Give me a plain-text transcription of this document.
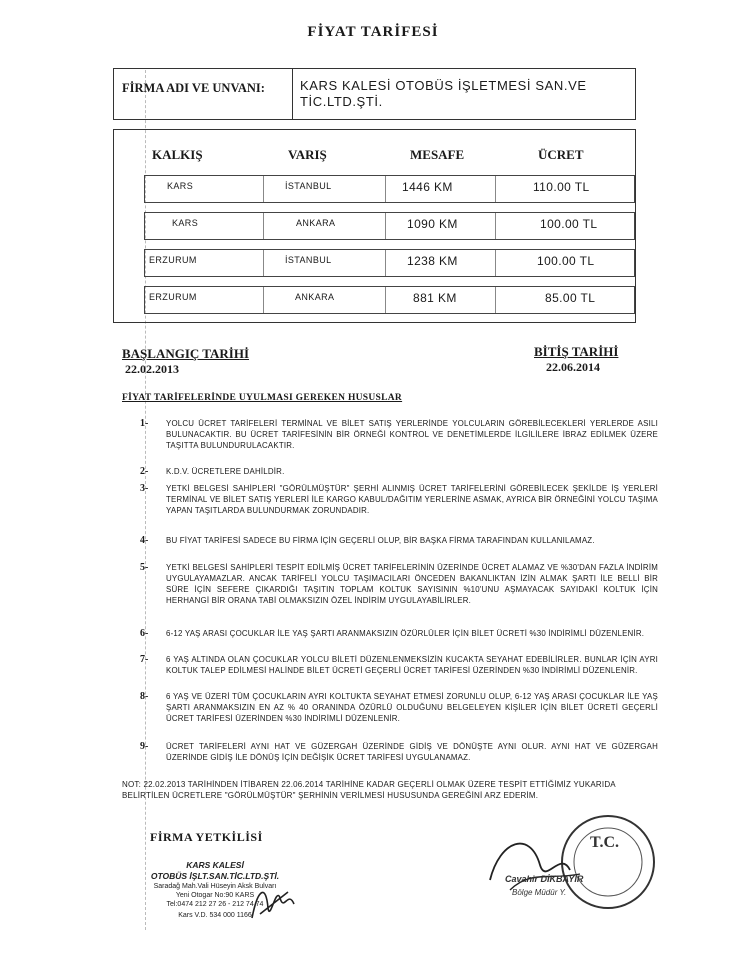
FİYAT TARİFESİ
FİRMA ADI VE UNVANI:	KARS KALESİ OTOBÜS İŞLETMESİ SAN.VE TİC.LTD.ŞTİ.
KALKIŞ	VARIŞ	MESAFE	ÜCRET
KARS	İSTANBUL	1446 KM	110.00 TL
KARS	ANKARA	1090 KM	100.00 TL
ERZURUM	İSTANBUL	1238 KM	100.00 TL
ERZURUM	ANKARA	881 KM	85.00 TL
BAŞLANGIÇ TARİHİ
22.02.2013
BİTİŞ TARİHİ
22.06.2014
FİYAT TARİFELERİNDE UYULMASI GEREKEN HUSUSLAR
1- YOLCU ÜCRET TARİFELERİ TERMİNAL VE BİLET SATIŞ YERLERİNDE YOLCULARIN GÖREBİLECEKLERİ YERLERDE ASILI BULUNACAKTIR. BU ÜCRET TARİFESİNİN BİR ÖRNEĞİ KONTROL VE DENETİMLERDE İLGİLİLERE İBRAZ EDİLMEK ÜZERE TAŞITTA BULUNDURULACAKTIR.
2- K.D.V. ÜCRETLERE DAHİLDİR.
3- YETKİ BELGESİ SAHİPLERİ "GÖRÜLMÜŞTÜR" ŞERHİ ALINMIŞ ÜCRET TARİFELERİNİ GÖREBİLECEK ŞEKİLDE İŞ YERLERİ TERMİNAL VE BİLET SATIŞ YERLERİ İLE KARGO KABUL/DAĞITIM YERLERİNE ASMAK, AYRICA BİR ÖRNEĞİNİ YOLCU TAŞIMA YAPAN TAŞITLARDA BULUNDURMAK ZORUNDADIR.
4- BU FİYAT TARİFESİ SADECE BU FİRMA İÇİN GEÇERLİ OLUP, BİR BAŞKA FİRMA TARAFINDAN KULLANILAMAZ.
5- YETKİ BELGESİ SAHİPLERİ TESPİT EDİLMİŞ ÜCRET TARİFELERİNİN ÜZERİNDE ÜCRET ALAMAZ VE %30'DAN FAZLA İNDİRİM UYGULAYAMAZLAR. ANCAK TARİFELİ YOLCU TAŞIMACILARI ÖNCEDEN BAKANLIKTAN İZİN ALMAK ŞARTI İLE BELLİ BİR SÜRE İÇİN SEFERE ÇIKARDIĞI TAŞITIN TOPLAM KOLTUK SAYISININ %10'UNU AŞMAYACAK SAYIDAKİ KOLTUK İÇİN HERHANGİ BİR ORANA TABİ OLMAKSIZIN ÖZEL İNDİRİM UYGULAYABİLİRLER.
6- 6-12 YAŞ ARASI ÇOCUKLAR İLE YAŞ ŞARTI ARANMAKSIZIN ÖZÜRLÜLER İÇİN BİLET ÜCRETİ %30 İNDİRİMLİ DÜZENLENİR.
7- 6 YAŞ ALTINDA OLAN ÇOCUKLAR YOLCU BİLETİ DÜZENLENMEKSİZİN KUCAKTA SEYAHAT EDEBİLİRLER. BUNLAR İÇİN AYRI KOLTUK TALEP EDİLMESİ HALİNDE BİLET ÜCRETİ GEÇERLİ ÜCRET TARİFESİ ÜZERİNDEN %30 İNDİRİMLİ DÜZENLENİR.
8- 6 YAŞ VE ÜZERİ TÜM ÇOCUKLARIN AYRI KOLTUKTA SEYAHAT ETMESİ ZORUNLU OLUP, 6-12 YAŞ ARASI ÇOCUKLAR İLE YAŞ ŞARTI ARANMAKSIZIN EN AZ % 40 ORANINDA ÖZÜRLÜ OLDUĞUNU BELGELEYEN KİŞİLER İÇİN BİLET ÜCRETİ GEÇERLİ ÜCRET TARİFESİ ÜZERİNDEN %30 İNDİRİMLİ DÜZENLENİR.
9- ÜCRET TARİFELERİ AYNI HAT VE GÜZERGAH ÜZERİNDE GİDİŞ VE DÖNÜŞTE AYNI OLUR. AYNI HAT VE GÜZERGAH ÜZERİNDE GİDİŞ İLE DÖNÜŞ İÇİN DEĞİŞİK ÜCRET TARİFESİ UYGULANAMAZ.
NOT: 22.02.2013 TARİHİNDEN İTİBAREN 22.06.2014 TARİHİNE KADAR GEÇERLİ OLMAK ÜZERE TESPİT ETTİĞİMİZ YUKARIDA BELİRTİLEN ÜCRETLERE "GÖRÜLMÜŞTÜR" ŞERHİNİN VERİLMESİ HUSUSUNDA GEREĞİNİ ARZ EDERİM.
FİRMA YETKİLİSİ
KARS KALESİ
OTOBÜS İŞLT.SAN.TİC.LTD.ŞTİ.
Saradağ Mah.Vali Hüseyin Aksk Bulvarı
Yeni Otogar No:90 KARS
Tel:0474 212 27 26 - 212 74 74
Kars V.D. 534 000 1166
T.C.
Cavahir DİKBAYIR
Bölge Müdür Y.
